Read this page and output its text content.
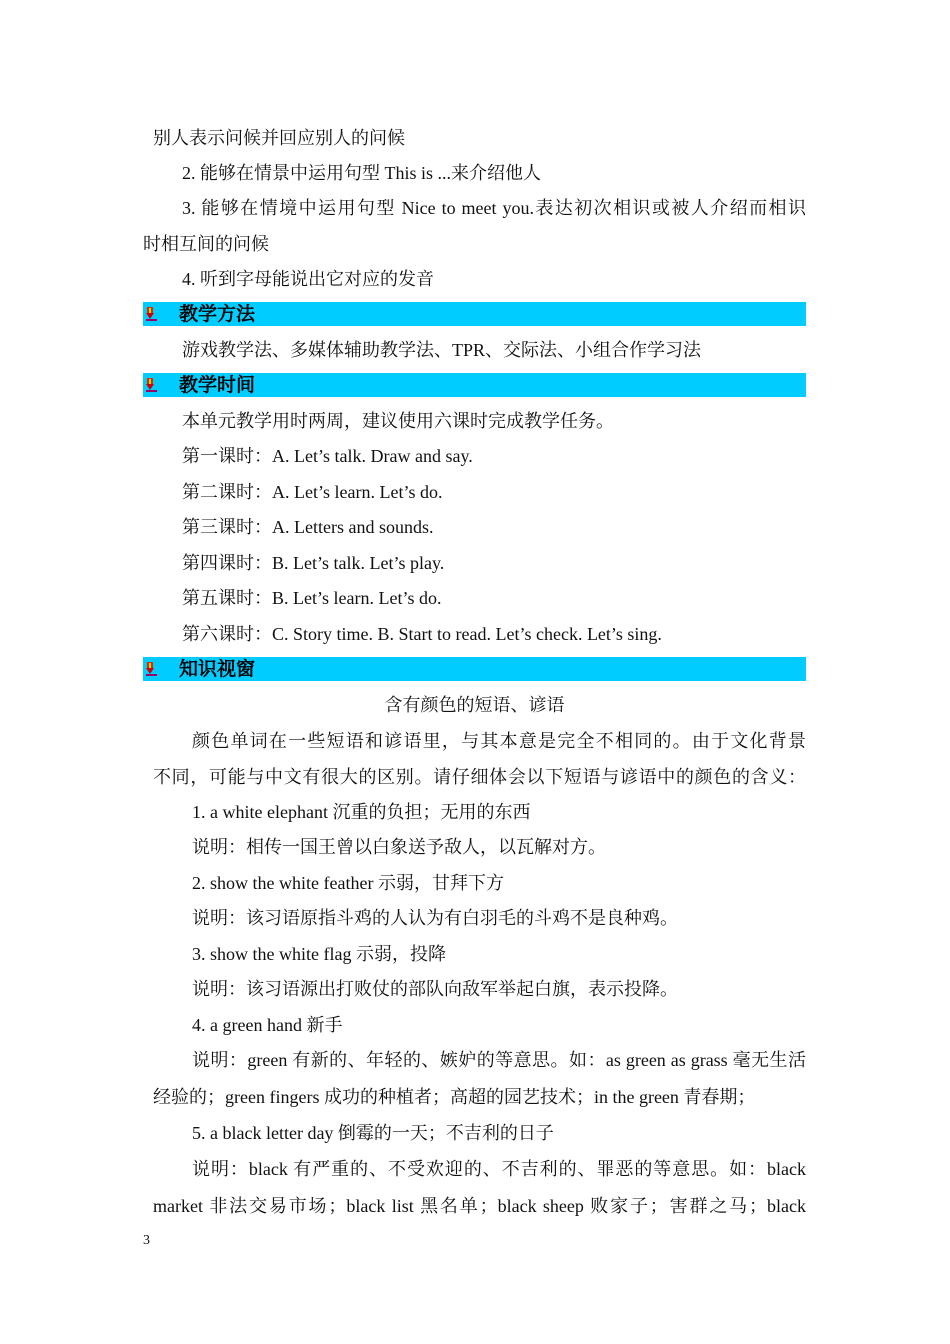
别人表示问候并回应别人的问候
2. 能够在情景中运用句型 This is ...来介绍他人
3. 能够在情境中运用句型 Nice to meet you.表达初次相识或被人介绍而相识
时相互间的问候
4. 听到字母能说出它对应的发音
教学方法
游戏教学法、多媒体辅助教学法、TPR、交际法、小组合作学习法
教学时间
本单元教学用时两周，建议使用六课时完成教学任务。
第一课时：A. Let’s talk. Draw and say.
第二课时：A. Let’s learn. Let’s do.
第三课时：A. Letters and sounds.
第四课时：B. Let’s talk. Let’s play.
第五课时：B. Let’s learn. Let’s do.
第六课时：C. Story time. B. Start to read. Let’s check. Let’s sing.
知识视窗
含有颜色的短语、谚语
颜色单词在一些短语和谚语里，与其本意是完全不相同的。由于文化背景
不同，可能与中文有很大的区别。请仔细体会以下短语与谚语中的颜色的含义：
1. a white elephant 沉重的负担；无用的东西
说明：相传一国王曾以白象送予敌人，以瓦解对方。
2. show the white feather 示弱，甘拜下方
说明：该习语原指斗鸡的人认为有白羽毛的斗鸡不是良种鸡。
3. show the white flag 示弱，投降
说明：该习语源出打败仗的部队向敌军举起白旗，表示投降。
4. a green hand 新手
说明：green 有新的、年轻的、嫉妒的等意思。如：as green as grass 毫无生活
经验的；green fingers 成功的种植者；高超的园艺技术；in the green 青春期；
5. a black letter day 倒霉的一天；不吉利的日子
说明：black 有严重的、不受欢迎的、不吉利的、罪恶的等意思。如：black
market 非法交易市场；black list 黑名单；black sheep 败家子；害群之马；black
3
